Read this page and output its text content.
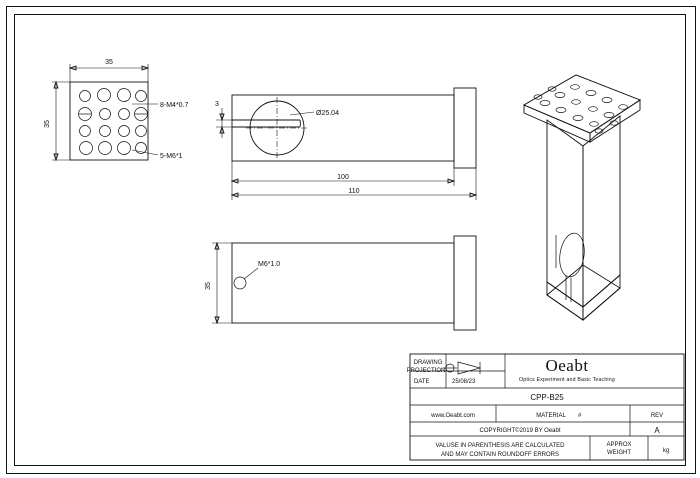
35
35
8-M4*0.7
5-M6*1
3
Ø25.04
100
110
M6*1.0
35
DRAWING
PROJECTION
DATE	25/08/23
Oeabt
Optics Experiment and Basic Teaching
CPP-B25
www.Oeabt.com	MATERIAL #	REV
COPYRIGHT©2019 BY Oeabt	A
VALUSE IN PARENTHESIS ARE CALCULATED
AND MAY CONTAIN ROUNDOFF ERRORS
APPROX
WEIGHT	kg
